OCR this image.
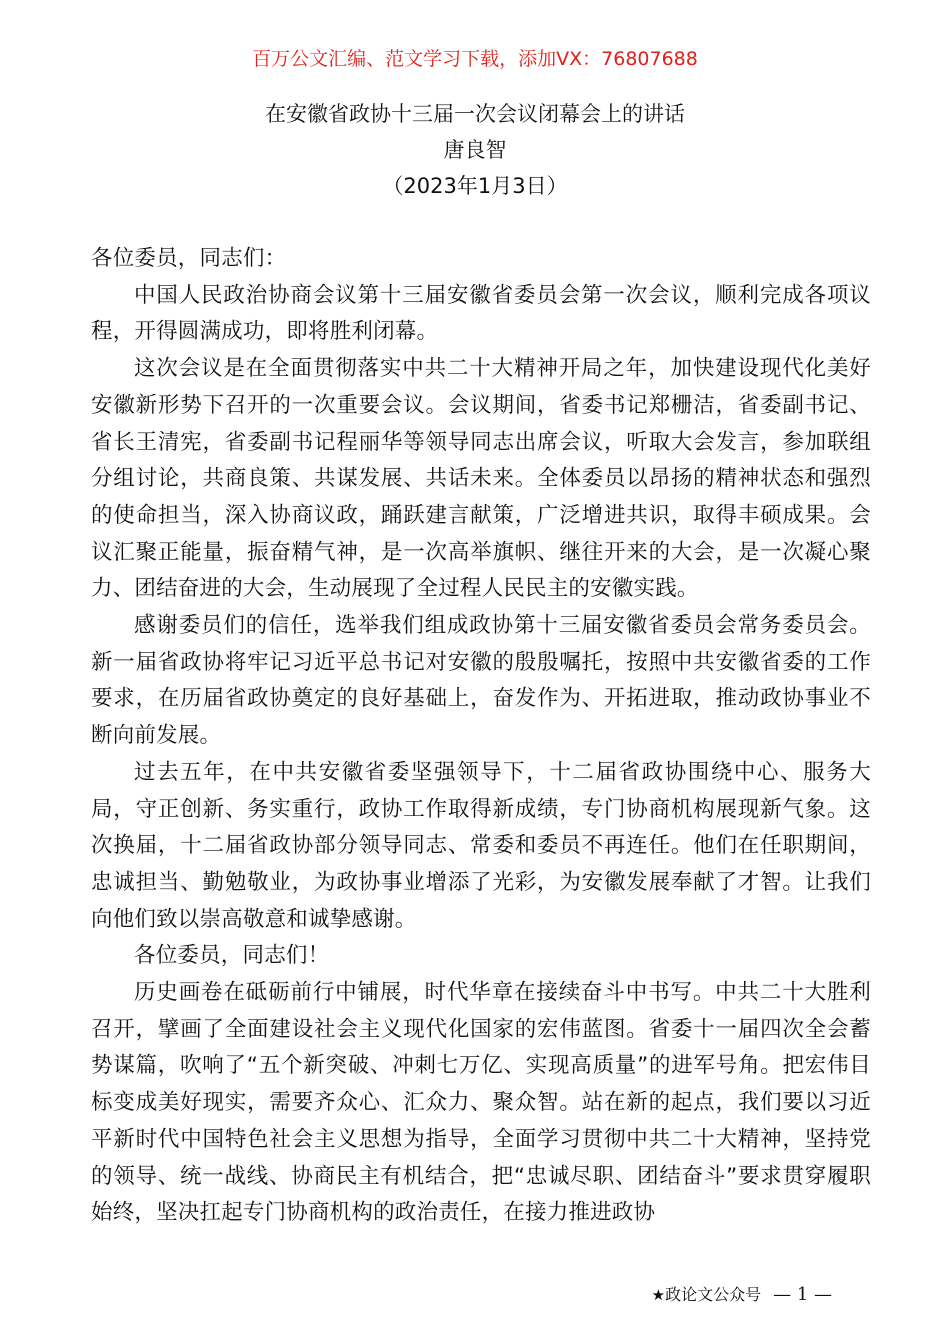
百万公文汇编、范文学习下载，添加VX：76807688
在安徽省政协十三届一次会议闭幕会上的讲话
唐良智
（2023年1月3日）

各位委员，同志们：

中国人民政治协商会议第十三届安徽省委员会第一次会议，顺利完成各项议程，开得圆满成功，即将胜利闭幕。

这次会议是在全面贯彻落实中共二十大精神开局之年，加快建设现代化美好安徽新形势下召开的一次重要会议。会议期间，省委书记郑栅洁，省委副书记、省长王清宪，省委副书记程丽华等领导同志出席会议，听取大会发言，参加联组分组讨论，共商良策、共谋发展、共话未来。全体委员以昂扬的精神状态和强烈的使命担当，深入协商议政，踊跃建言献策，广泛增进共识，取得丰硕成果。会议汇聚正能量，振奋精气神，是一次高举旗帜、继往开来的大会，是一次凝心聚力、团结奋进的大会，生动展现了全过程人民民主的安徽实践。

感谢委员们的信任，选举我们组成政协第十三届安徽省委员会常务委员会。新一届省政协将牢记习近平总书记对安徽的殷殷嘱托，按照中共安徽省委的工作要求，在历届省政协奠定的良好基础上，奋发作为、开拓进取，推动政协事业不断向前发展。

过去五年，在中共安徽省委坚强领导下，十二届省政协围绕中心、服务大局，守正创新、务实重行，政协工作取得新成绩，专门协商机构展现新气象。这次换届，十二届省政协部分领导同志、常委和委员不再连任。他们在任职期间，忠诚担当、勤勉敬业，为政协事业增添了光彩，为安徽发展奉献了才智。让我们向他们致以崇高敬意和诚挚感谢。

各位委员，同志们！

历史画卷在砥砺前行中铺展，时代华章在接续奋斗中书写。中共二十大胜利召开，擘画了全面建设社会主义现代化国家的宏伟蓝图。省委十一届四次全会蓄势谋篇，吹响了“五个新突破、冲刺七万亿、实现高质量”的进军号角。把宏伟目标变成美好现实，需要齐众心、汇众力、聚众智。站在新的起点，我们要以习近平新时代中国特色社会主义思想为指导，全面学习贯彻中共二十大精神，坚持党的领导、统一战线、协商民主有机结合，把“忠诚尽职、团结奋斗”要求贯穿履职始终，坚决扛起专门协商机构的政治责任，在接力推进政协

★政论文公众号 — 1 —
